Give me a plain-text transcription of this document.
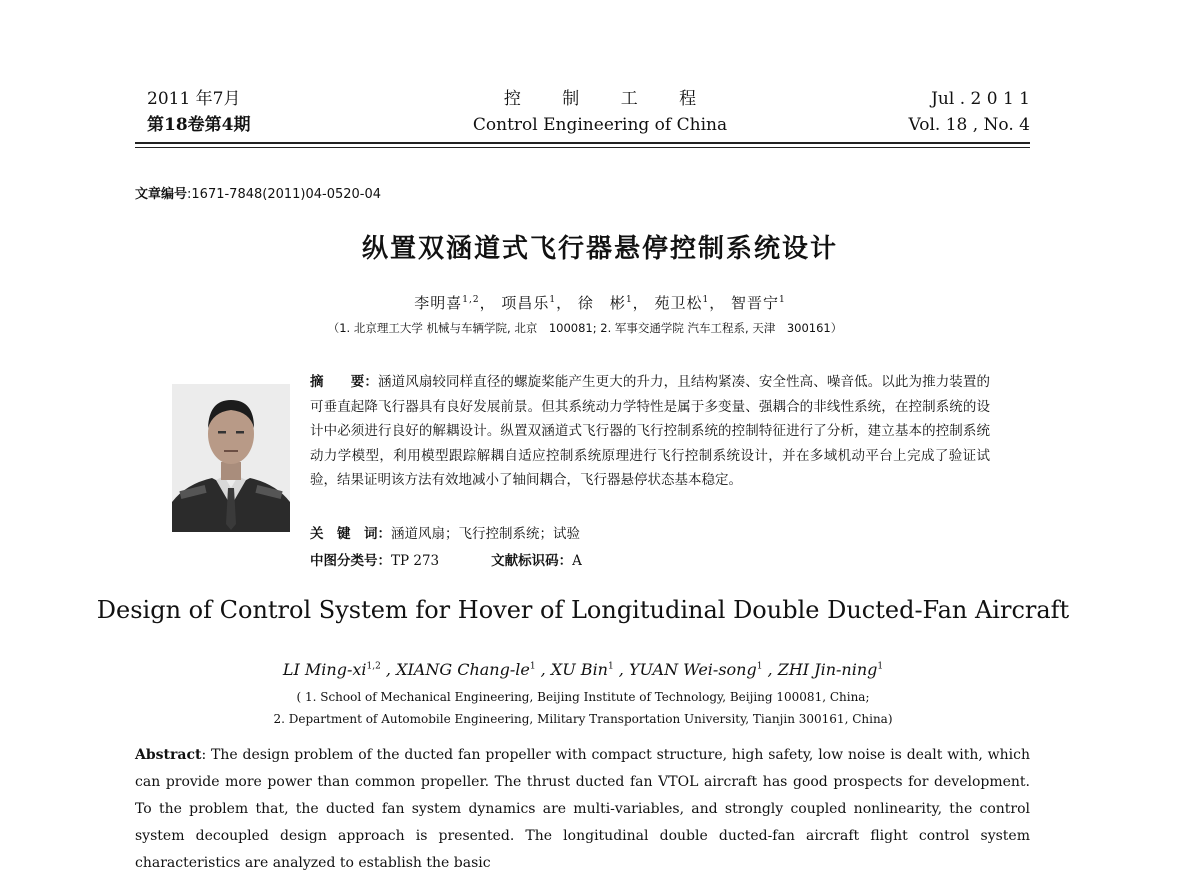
2011 年7月
第18卷第4期
控 制 工 程
Control Engineering of China
Jul . 2 0 1 1
Vol. 18 , No. 4
文章编号:1671-7848(2011)04-0520-04
纵置双涵道式飞行器悬停控制系统设计
李明喜$^{1,2}$， 项昌乐$^1$， 徐　彬$^1$， 苑卫松$^1$， 智晋宁$^1$
（1. 北京理工大学 机械与车辆学院, 北京　100081; 2. 军事交通学院 汽车工程系, 天津　300161）
摘　　要：涵道风扇较同样直径的螺旋桨能产生更大的升力，且结构紧凑、安全性高、噪音低。以此为推力装置的可垂直起降飞行器具有良好发展前景。但其系统动力学特性是属于多变量、强耦合的非线性系统，在控制系统的设计中必须进行良好的解耦设计。纵置双涵道式飞行器的飞行控制系统的控制特征进行了分析，建立基本的控制系统动力学模型，利用模型跟踪解耦自适应控制系统原理进行飞行控制系统设计，并在多域机动平台上完成了验证试验，结果证明该方法有效地减小了轴间耦合，飞行器悬停状态基本稳定。
关　键　词：涵道风扇；飞行控制系统；试验
中图分类号：TP 273	文献标识码：A
Design of Control System for Hover of Longitudinal Double Ducted-Fan Aircraft
LI Ming-xi$^{1,2}$ , XIANG Chang-$le^1$ , XU Bin$^1$ , YUAN Wei-song$^1$ , ZHI Jin-ning$^1$
( 1. School of Mechanical Engineering, Beijing Institute of Technology, Beijing 100081, China;
2. Department of Automobile Engineering, Military Transportation University, Tianjin 300161, China)
Abstract: The design problem of the ducted fan propeller with compact structure, high safety, low noise is dealt with, which can provide more power than common propeller. The thrust ducted fan VTOL aircraft has good prospects for development. To the problem that, the ducted fan system dynamics are multi-variables, and strongly coupled nonlinearity, the control system decoupled design approach is presented. The longitudinal double ducted-fan aircraft flight control system characteristics are analyzed to establish the basic
